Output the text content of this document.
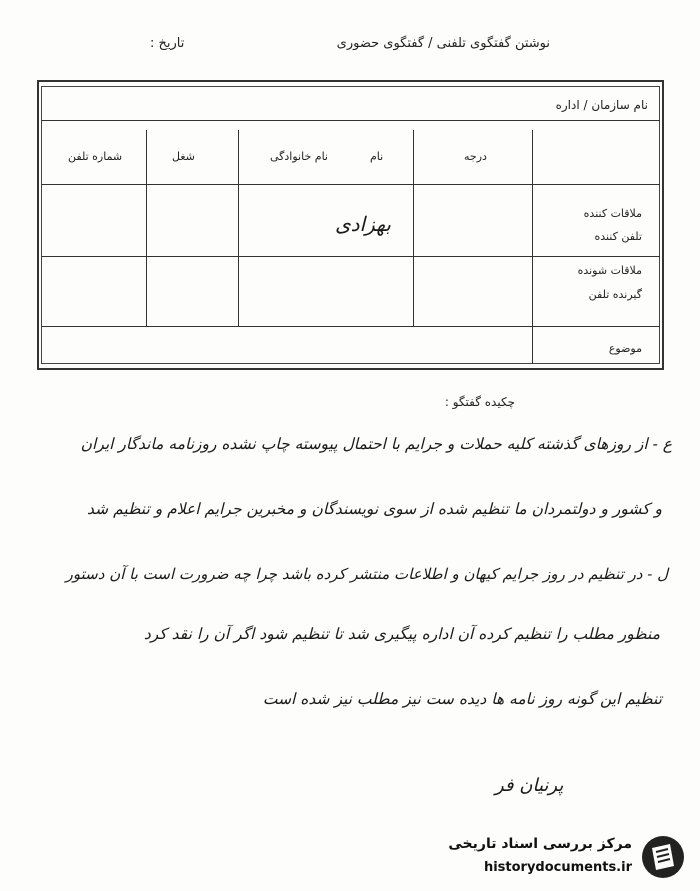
نوشتن گفتگوی تلفنی / گفتگوی حضوری
تاریخ :
نام سازمان / اداره
درجه
نام
نام خانوادگی
شغل
شماره تلفن
ملاقات کننده
تلفن کننده
ملاقات شونده
گیرنده تلفن
موضوع
بهزادی
چکیده گفتگو :
ع - از روزهای گذشته کلیه حملات و جرایم با احتمال پیوسته چاپ نشده روزنامه ماندگار ایران
و کشور و دولتمردان ما تنظیم شده از سوی نویسندگان و مخبرین جرایم اعلام و تنظیم شد
ل - در تنظیم در روز جرایم کیهان و اطلاعات منتشر کرده باشد چرا چه ضرورت است با آن دستور
منظور مطلب را تنظیم کرده آن اداره پیگیری شد تا تنظیم شود اگر آن را نقد کرد
تنظیم این گونه روز نامه ها دیده ست نیز مطلب نیز شده است
پرنیان فر
مرکز بررسی اسناد تاریخی
historydocuments.ir
